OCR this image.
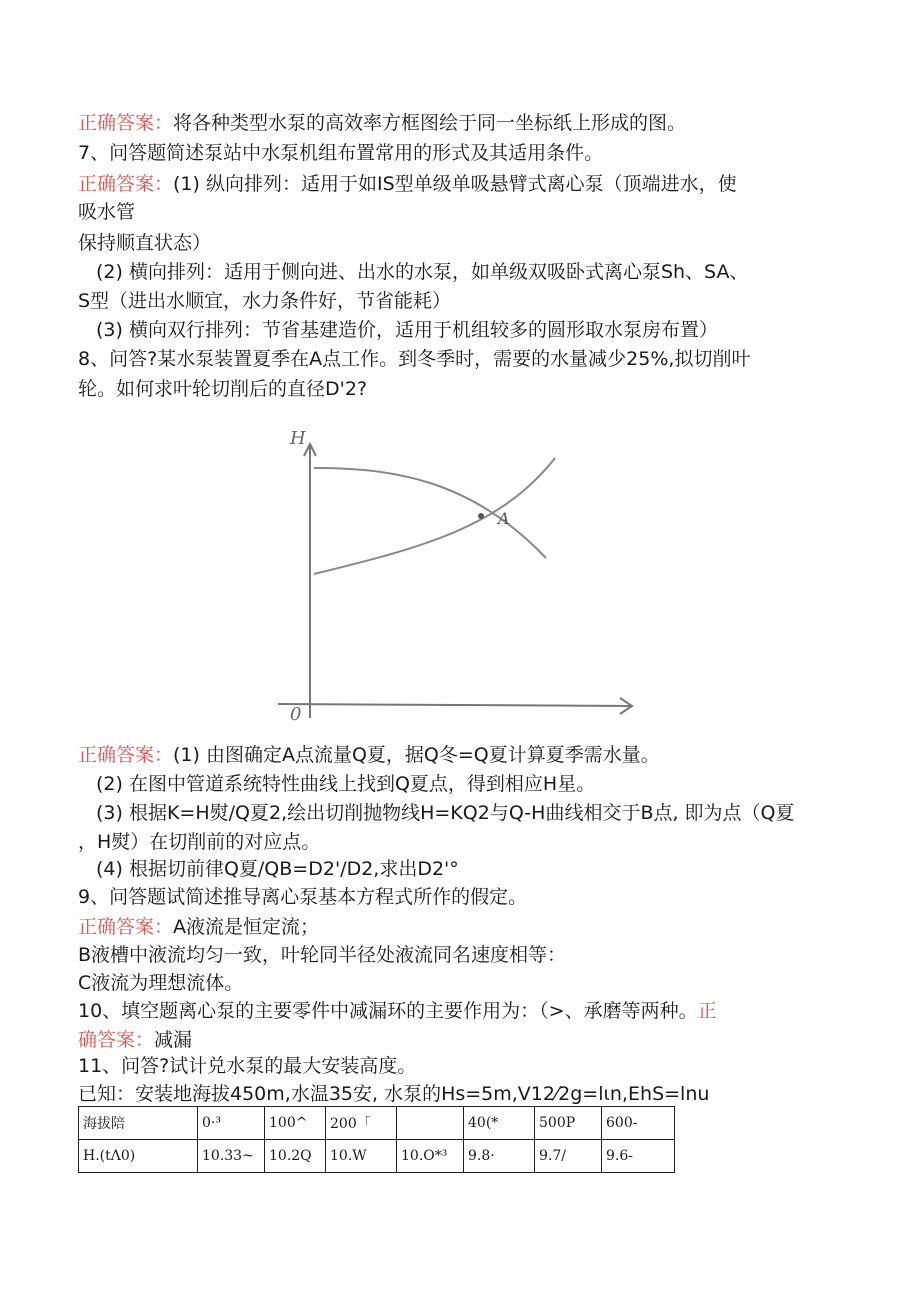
正确答案：将各种类型水泵的高效率方框图绘于同一坐标纸上形成的图。
7、问答题简述泵站中水泵机组布置常用的形式及其适用条件。
正确答案：(1) 纵向排列：适用于如IS型单级单吸悬臂式离心泵（顶端进水，使
吸水管
保持顺直状态）
(2) 横向排列：适用于侧向进、出水的水泵，如单级双吸卧式离心泵Sh、SA、
S型（进出水顺宜，水力条件好，节省能耗）
(3) 横向双行排列：节省基建造价，适用于机组较多的圆形取水泵房布置）
8、问答?某水泵装置夏季在A点工作。到冬季时，需要的水量减少25%,拟切削叶
轮。如何求叶轮切削后的直径D'2?
H
0
A
正确答案：(1) 由图确定A点流量Q夏，据Q冬=Q夏计算夏季需水量。
(2) 在图中管道系统特性曲线上找到Q夏点，得到相应H星。
(3) 根据K=H熨/Q夏2,绘出切削抛物线H=KQ2与Q-H曲线相交于B点, 即为点（Q夏
，H熨）在切削前的对应点。
(4) 根据切前律Q夏/QB=D2'/D2,求出D2'°
9、问答题试简述推导离心泵基本方程式所作的假定。
正确答案：A液流是恒定流；
B液槽中液流均匀一致，叶轮同半径处液流同名速度相等：
C液流为理想流体。
10、填空题离心泵的主要零件中减漏环的主要作用为：（>、承磨等两种。正
确答案：减漏
11、问答?试计兑水泵的最大安装高度。
已知：安装地海拔450m,水温35安, 水泵的Hs=5m,V12⁄2g=lιn,EhS=lnu
海拔陪	0·³	100^	200「		40(*	500P	600-
H.(tΛ0)	10.33~	10.2Q	10.W	10.O*³	9.8·	9.7/	9.6-
